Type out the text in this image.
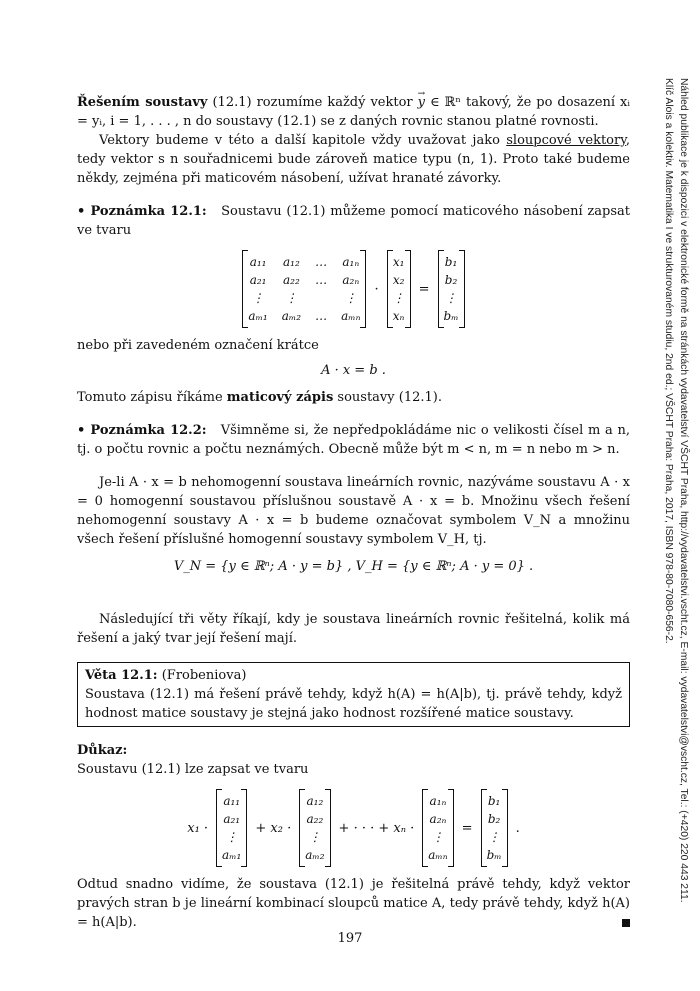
Řešením soustavy (12.1) rozumíme každý vektor y → ∈ ℝⁿ takový, že po dosazení xᵢ = yᵢ, i = 1, . . . , n do soustavy (12.1) se z daných rovnic stanou platné rovnosti.

Vektory budeme v této a další kapitole vždy uvažovat jako sloupcové vektory, tedy vektor s n souřadnicemi bude zároveň matice typu (n, 1). Proto také budeme někdy, zejména při maticovém násobení, užívat hranaté závorky.

• Poznámka 12.1: Soustavu (12.1) můžeme pomocí maticového násobení zapsat ve tvaru

a₁₁ a₁₂ … a₁ₙ
a₂₁ a₂₂ … a₂ₙ
⋮	⋮	⋮
aₘ₁ aₘ₂ … aₘₙ
·
x₁
x₂
⋮
xₙ
=
b₁
b₂
⋮
bₘ

nebo při zavedeném označení krátce

A · x = b .

Tomuto zápisu říkáme maticový zápis soustavy (12.1).

• Poznámka 12.2: Všimněme si, že nepředpokládáme nic o velikosti čísel m a n, tj. o počtu rovnic a počtu neznámých. Obecně může být m < n, m = n nebo m > n.

Je-li A · x = b nehomogenní soustava lineárních rovnic, nazýváme soustavu A · x = 0 homogenní soustavou příslušnou soustavě A · x = b. Množinu všech řešení nehomogenní soustavy A · x = b budeme označovat symbolem V_N a množinu všech řešení příslušné homogenní soustavy symbolem V_H, tj.

V_N = {y ∈ ℝⁿ; A · y = b} , V_H = {y ∈ ℝⁿ; A · y = 0} .

Následující tři věty říkají, kdy je soustava lineárních rovnic řešitelná, kolik má řešení a jaký tvar její řešení mají.

Věta 12.1: (Frobeniova)

Soustava (12.1) má řešení právě tehdy, když h(A) = h(A|b), tj. právě tehdy, když hodnost matice soustavy je stejná jako hodnost rozšířené matice soustavy.

Důkaz:

Soustavu (12.1) lze zapsat ve tvaru

x₁ ·
a₁₁
a₂₁
⋮
aₘ₁
+ x₂ ·
a₁₂
a₂₂
⋮
aₘ₂
+ · · · + xₙ ·
a₁ₙ
a₂ₙ
⋮
aₘₙ
=
b₁
b₂
⋮
bₘ
.

Odtud snadno vidíme, že soustava (12.1) je řešitelná právě tehdy, když vektor pravých stran b je lineární kombinací sloupců matice A, tedy právě tehdy, když h(A) = h(A|b).

197
Náhled publikace je k dispozici v elektronické formě na stránkách vydavatelství VŠCHT Praha, http://vydavatelstvi.vscht.cz, E-mail: vydavatelstvi@vscht.cz, Tel.: (+420) 220 443 211.
Klíč Alois a kolektiv. Matematika I ve strukturovaném studiu, 2nd ed.; VŠCHT Praha: Praha, 2017, ISBN 978-80-7080-656-2.
